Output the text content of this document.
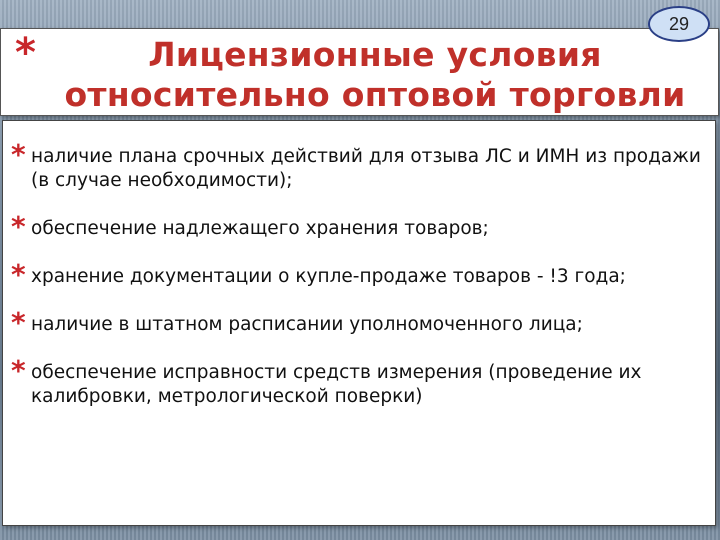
*	Лицензионные условия относительно оптовой торговли
29
* наличие плана срочных действий для отзыва ЛС и ИМН из продажи (в случае необходимости);
* обеспечение надлежащего хранения товаров;
* хранение документации о купле-продаже товаров - !3 года;
* наличие в штатном расписании уполномоченного лица;
* обеспечение исправности средств измерения (проведение их калибровки, метрологической поверки)
